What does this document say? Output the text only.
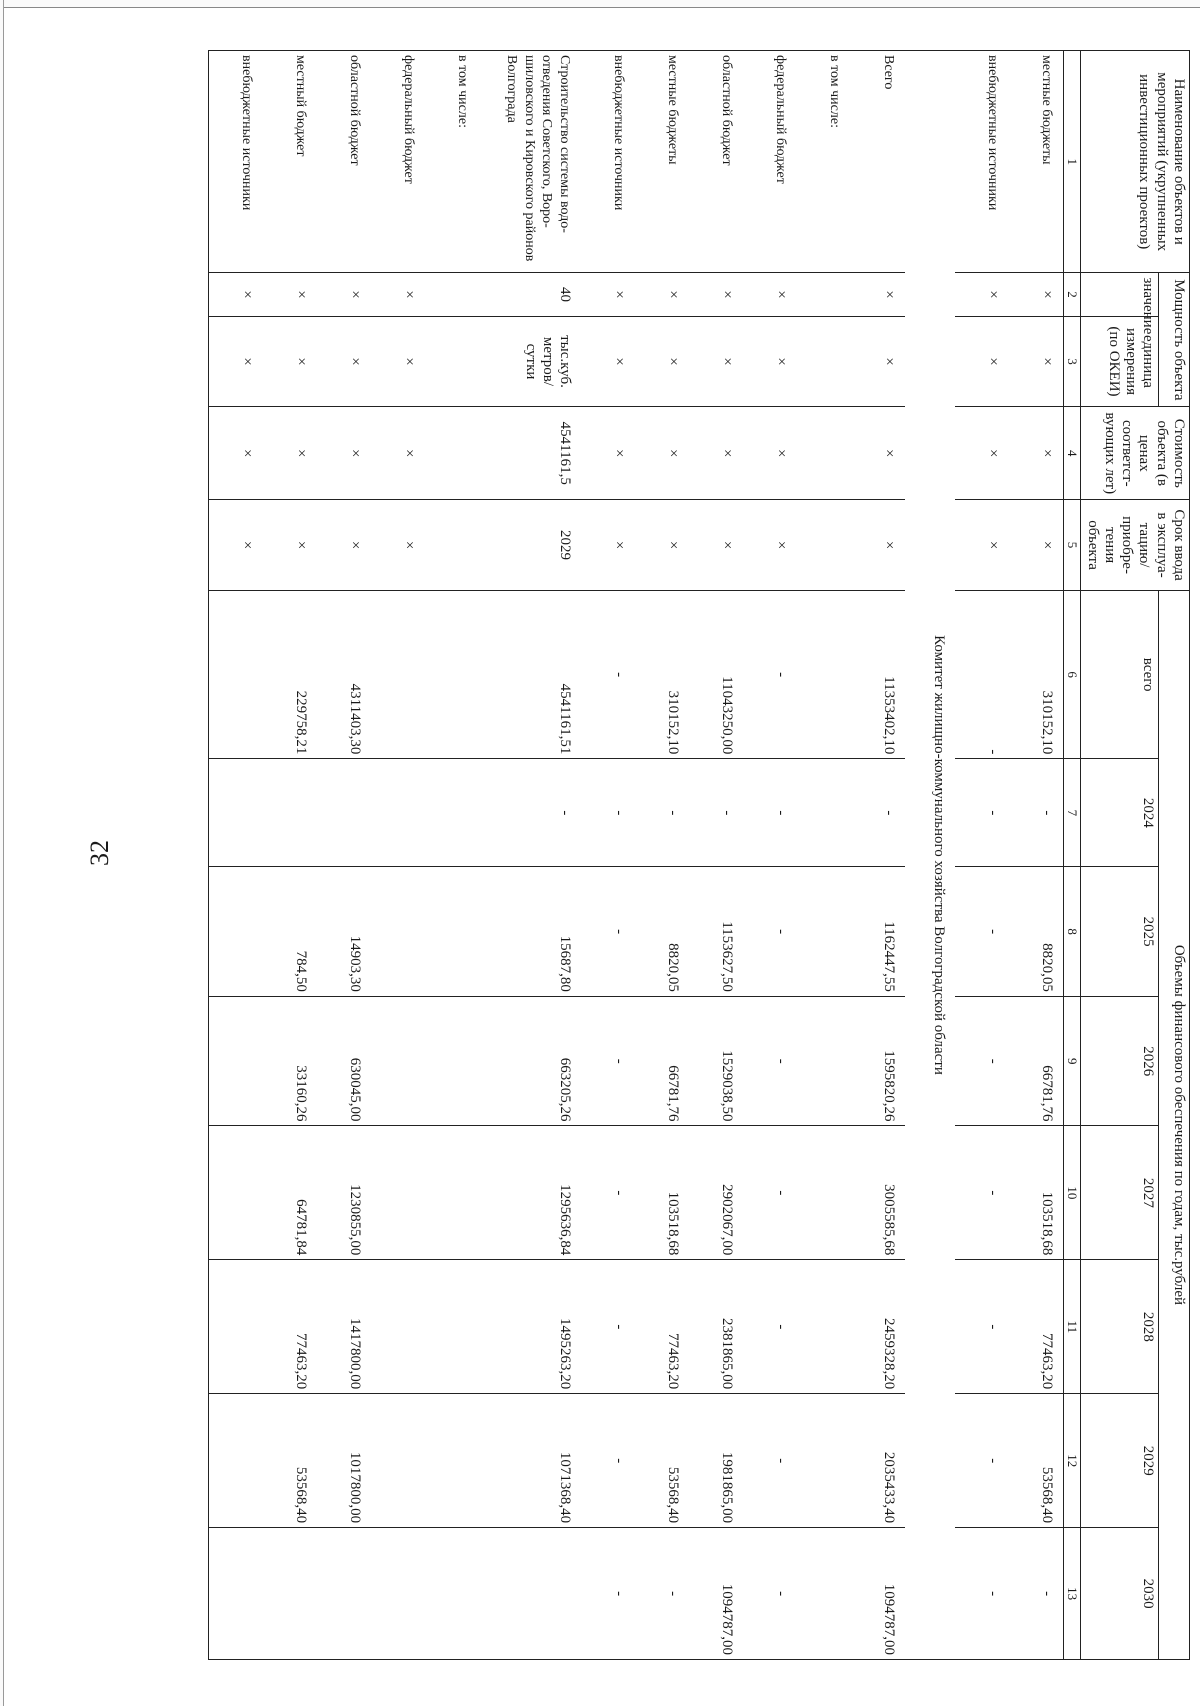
32
Наименование объектов и мероприятий (укрупненных инвестиционных проектов)	Мощность объекта		Стоимость объекта (в ценах соответст- вующих лет)	Срок ввода в эксплуа- тацию/ приобре- тения объекта	Объемы финансового обеспечения по годам, тыс.рублей							
	значение	единица измерения (по ОКЕИ)			всего	2024	2025	2026	2027	2028	2029	2030
1	2	3	4	5	6	7	8	9	10	11	12	13
местные бюджеты	×	×	×	×	310152,10	-	8820,05	66781,76	103518,68	77463,20	53568,40	-
внебюджетные источники	×	×	×	×	-	-	-	-	-	-	-	-
Комитет жилищно-коммунального хозяйства Волгоградской области												
Всего	×	×	×	×	11353402,10	-	1162447,55	1595820,26	3005585,68	2459328,20	2035433,40	1094787,00
в том числе:												
федеральный бюджет	×	×	×	×	-	-	-	-	-	-	-	-
областной бюджет	×	×	×	×	11043250,00	-	1153627,50	1529038,50	2902067,00	2381865,00	1981865,00	1094787,00
местные бюджеты	×	×	×	×	310152,10	-	8820,05	66781,76	103518,68	77463,20	53568,40	-
внебюджетные источники	×	×	×	×	-	-	-	-	-	-	-	-
Строительство системы водо- отведения Советского, Воро- шиловского и Кировского районов Волгограда	40	тыс.куб. метров/ сутки	4541161,5	2029	4541161,51	-	15687,80	663205,26	1295636,84	1495263,20	1071368,40	
в том числе:												
федеральный бюджет	×	×	×	×								
областной бюджет	×	×	×	×	4311403,30		14903,30	630045,00	1230855,00	1417800,00	1017800,00	
местный бюджет	×	×	×	×	229758,21		784,50	33160,26	64781,84	77463,20	53568,40	
внебюджетные источники	×	×	×	×								
